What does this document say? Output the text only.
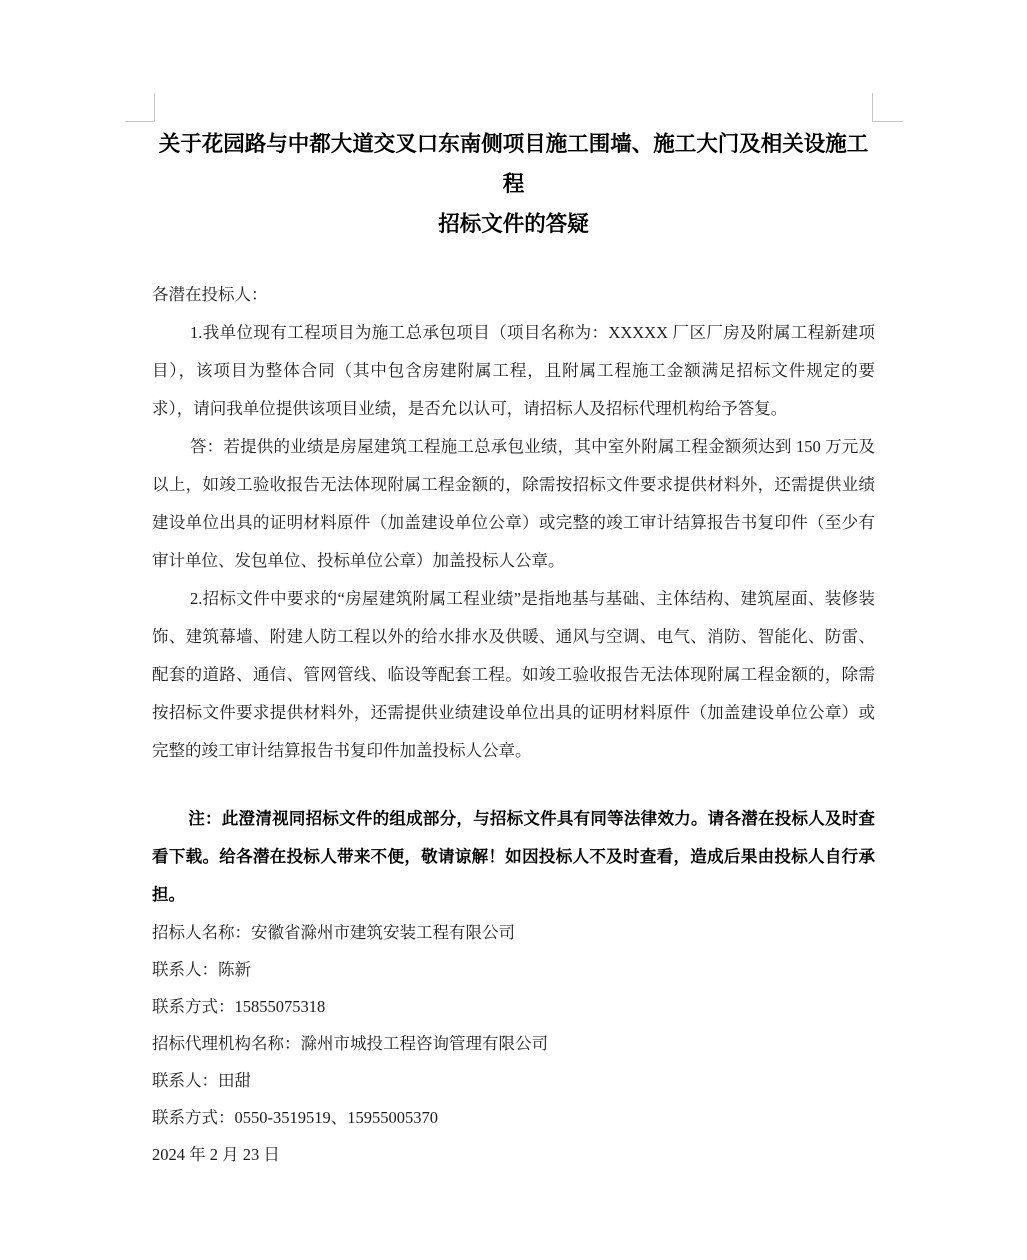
关于花园路与中都大道交叉口东南侧项目施工围墙、施工大门及相关设施工程
招标文件的答疑
各潜在投标人：

1.我单位现有工程项目为施工总承包项目（项目名称为：XXXXX 厂区厂房及附属工程新建项目），该项目为整体合同（其中包含房建附属工程，且附属工程施工金额满足招标文件规定的要求），请问我单位提供该项目业绩，是否允以认可，请招标人及招标代理机构给予答复。

答：若提供的业绩是房屋建筑工程施工总承包业绩，其中室外附属工程金额须达到 150 万元及以上，如竣工验收报告无法体现附属工程金额的，除需按招标文件要求提供材料外，还需提供业绩建设单位出具的证明材料原件（加盖建设单位公章）或完整的竣工审计结算报告书复印件（至少有审计单位、发包单位、投标单位公章）加盖投标人公章。

2.招标文件中要求的“房屋建筑附属工程业绩”是指地基与基础、主体结构、建筑屋面、装修装饰、建筑幕墙、附建人防工程以外的给水排水及供暖、通风与空调、电气、消防、智能化、防雷、配套的道路、通信、管网管线、临设等配套工程。如竣工验收报告无法体现附属工程金额的，除需按招标文件要求提供材料外，还需提供业绩建设单位出具的证明材料原件（加盖建设单位公章）或完整的竣工审计结算报告书复印件加盖投标人公章。

注：此澄清视同招标文件的组成部分，与招标文件具有同等法律效力。请各潜在投标人及时查看下载。给各潜在投标人带来不便，敬请谅解！如因投标人不及时查看，造成后果由投标人自行承担。

招标人名称：安徽省滁州市建筑安装工程有限公司
联系人：陈新
联系方式：15855075318
招标代理机构名称：滁州市城投工程咨询管理有限公司
联系人：田甜
联系方式：0550-3519519、15955005370
2024 年 2 月 23 日
